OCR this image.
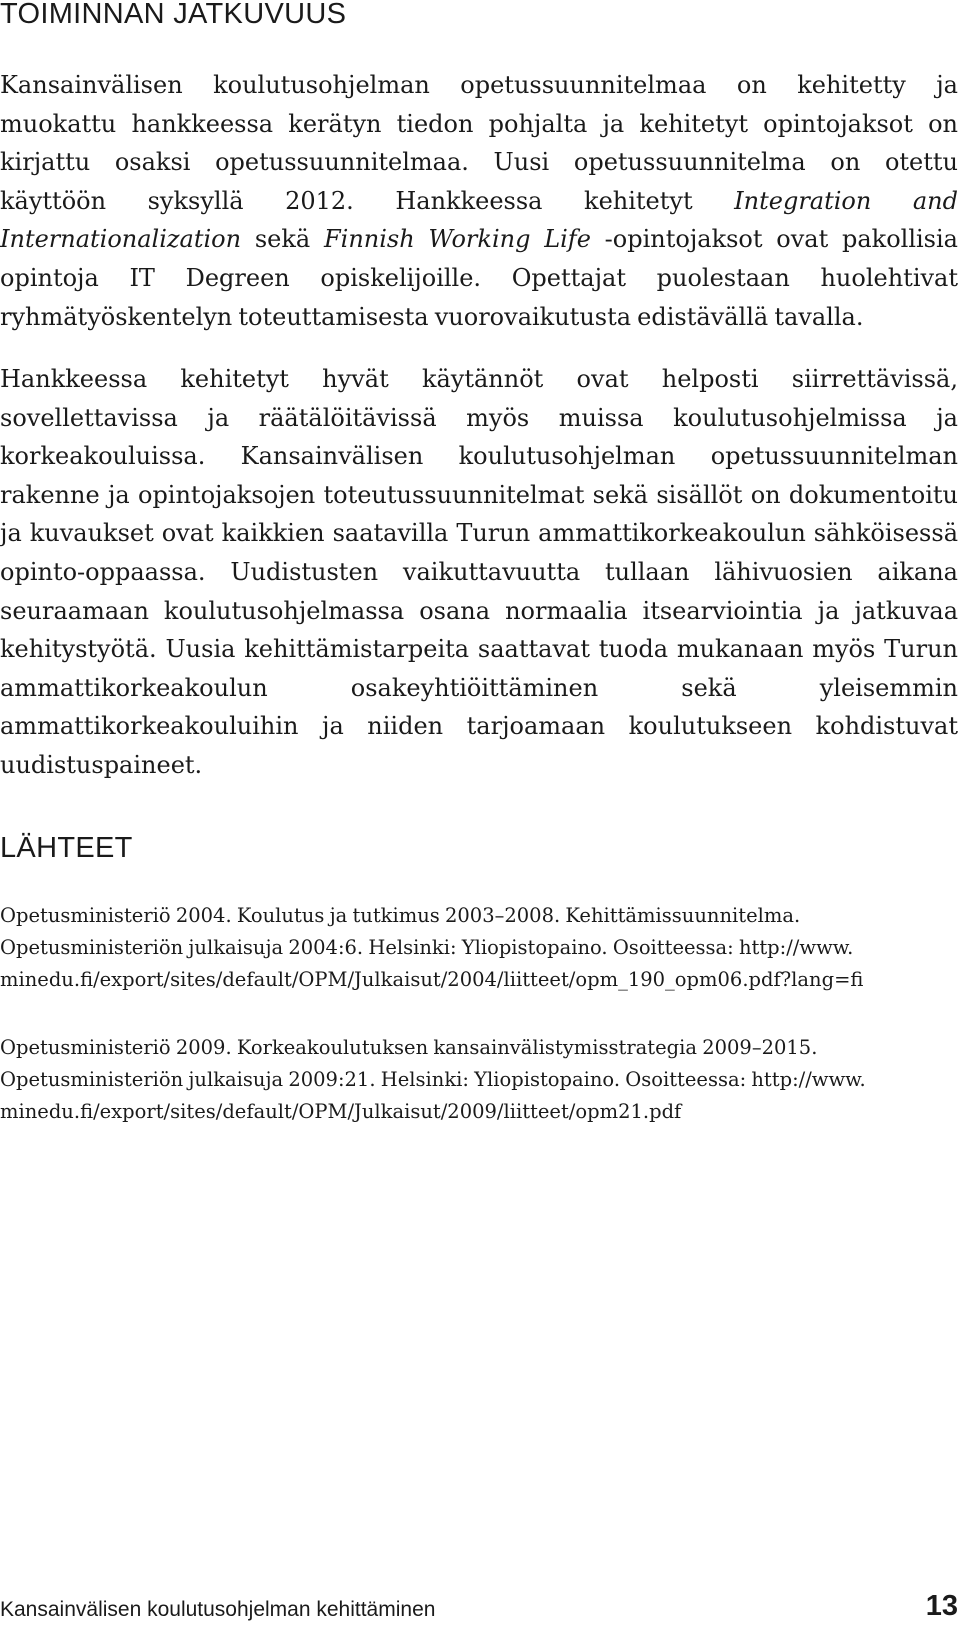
TOIMINNAN JATKUVUUS

Kansainvälisen koulutusohjelman opetussuunnitelmaa on kehitetty ja muokattu hankkeessa kerätyn tiedon pohjalta ja kehitetyt opintojaksot on kirjattu osaksi opetussuunnitelmaa. Uusi opetussuunnitelma on otettu käyttöön syksyllä 2012. Hankkeessa kehitetyt Integration and Internationalization sekä Finnish Working Life -opintojaksot ovat pakollisia opintoja IT Degreen opiskelijoille. Opettajat puolestaan huolehtivat ryhmätyöskentelyn toteuttamisesta vuorovaikutusta edistävällä tavalla.

Hankkeessa kehitetyt hyvät käytännöt ovat helposti siirrettävissä, sovellettavissa ja räätälöitävissä myös muissa koulutusohjelmissa ja korkeakouluissa. Kansainvälisen koulutusohjelman opetussuunnitelman rakenne ja opintojaksojen toteutussuunnitelmat sekä sisällöt on dokumentoitu ja kuvaukset ovat kaikkien saatavilla Turun ammattikorkeakoulun sähköisessä opinto-oppaassa. Uudistusten vaikuttavuutta tullaan lähivuosien aikana seuraamaan koulutusohjelmassa osana normaalia itsearviointia ja jatkuvaa kehitystyötä. Uusia kehittämistarpeita saattavat tuoda mukanaan myös Turun ammattikorkeakoulun osakeyhtiöittäminen sekä yleisemmin ammattikorkeakouluihin ja niiden tarjoamaan koulutukseen kohdistuvat uudistuspaineet.

LÄHTEET

Opetusministeriö 2004. Koulutus ja tutkimus 2003–2008. Kehittämissuunnitelma.
Opetusministeriön julkaisuja 2004:6. Helsinki: Yliopistopaino. Osoitteessa: http://www.
minedu.fi/export/sites/default/OPM/Julkaisut/2004/liitteet/opm_190_opm06.pdf?lang=fi

Opetusministeriö 2009. Korkeakoulutuksen kansainvälistymisstrategia 2009–2015.
Opetusministeriön julkaisuja 2009:21. Helsinki: Yliopistopaino. Osoitteessa: http://www.
minedu.fi/export/sites/default/OPM/Julkaisut/2009/liitteet/opm21.pdf

Kansainvälisen koulutusohjelman kehittäminen	13
